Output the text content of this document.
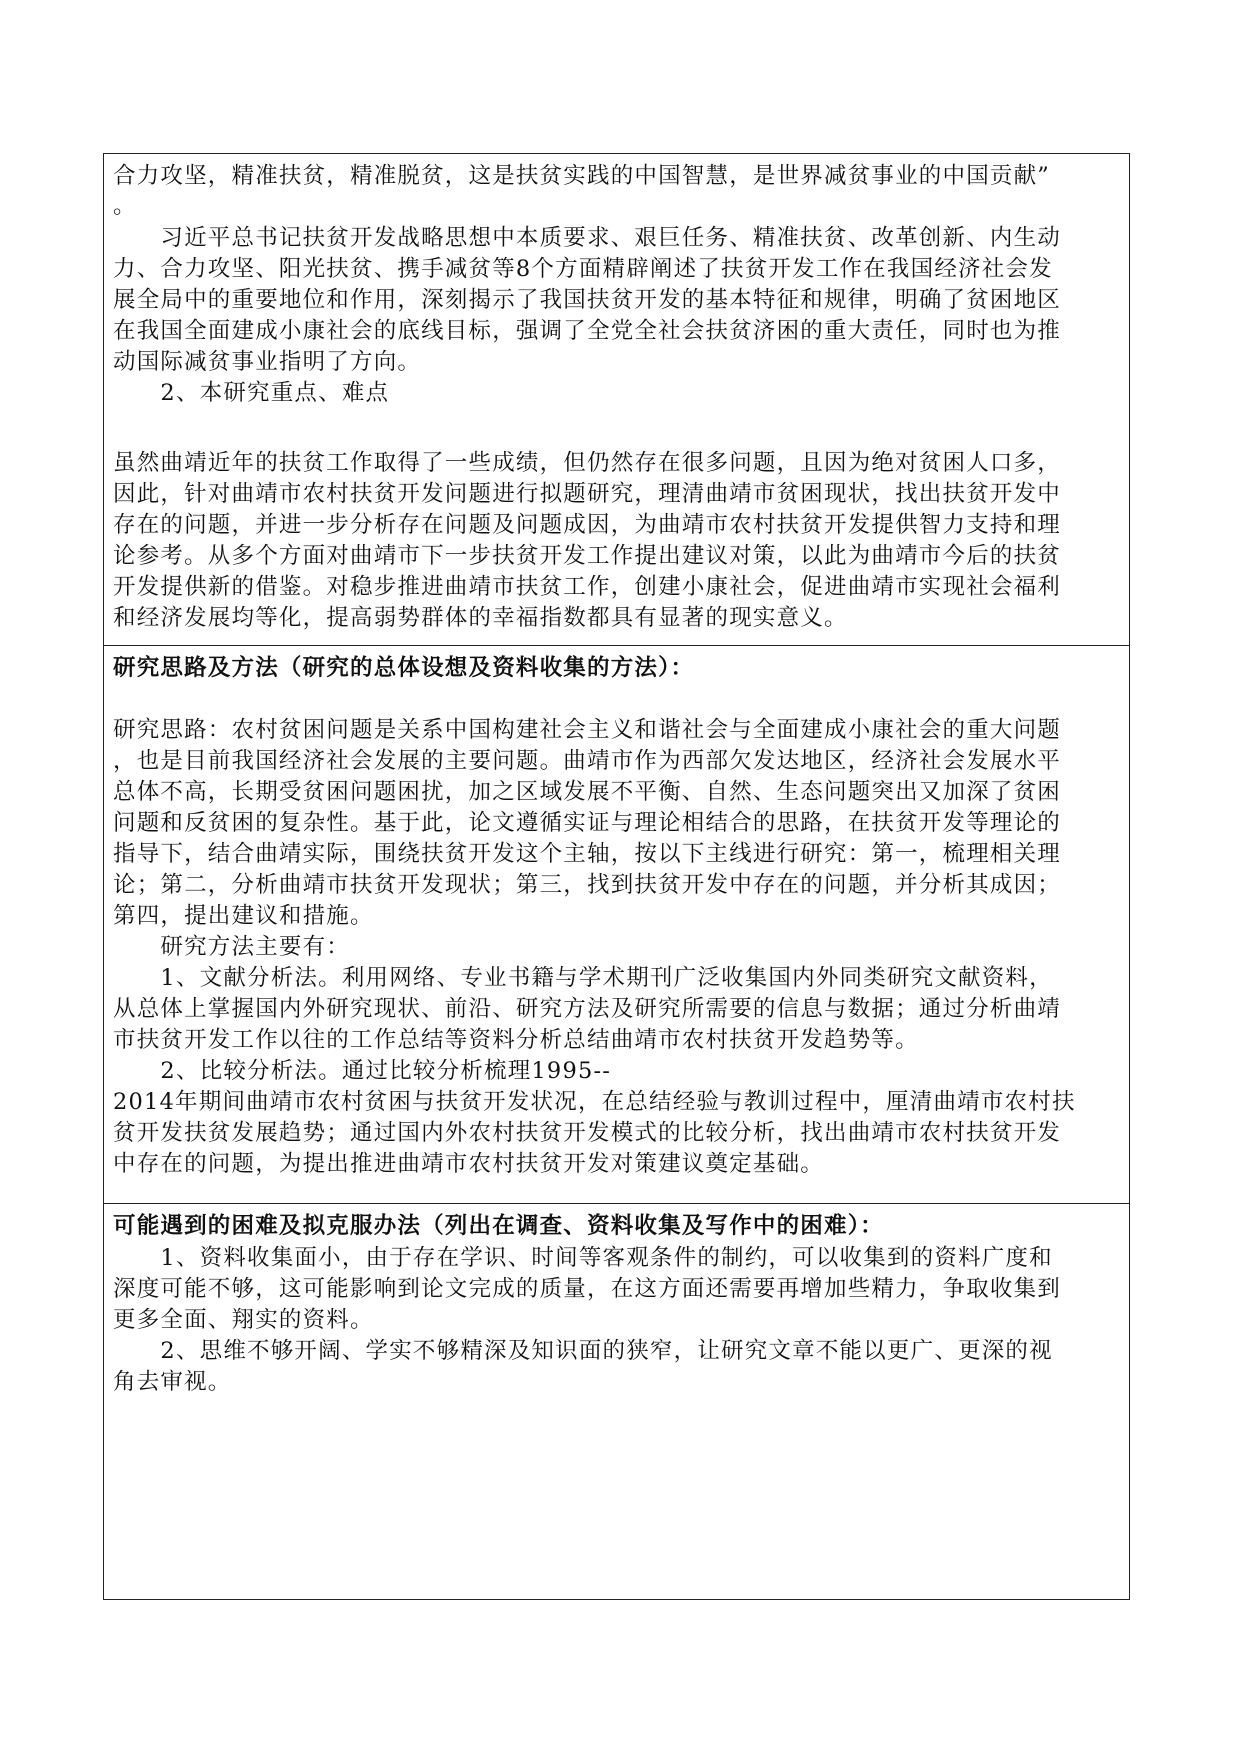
合力攻坚，精准扶贫，精准脱贫，这是扶贫实践的中国智慧，是世界减贫事业的中国贡献”
。
　　习近平总书记扶贫开发战略思想中本质要求、艰巨任务、精准扶贫、改革创新、内生动
力、合力攻坚、阳光扶贫、携手减贫等8个方面精辟阐述了扶贫开发工作在我国经济社会发
展全局中的重要地位和作用，深刻揭示了我国扶贫开发的基本特征和规律，明确了贫困地区
在我国全面建成小康社会的底线目标，强调了全党全社会扶贫济困的重大责任，同时也为推
动国际减贫事业指明了方向。
　　2、本研究重点、难点
虽然曲靖近年的扶贫工作取得了一些成绩，但仍然存在很多问题，且因为绝对贫困人口多，
因此，针对曲靖市农村扶贫开发问题进行拟题研究，理清曲靖市贫困现状，找出扶贫开发中
存在的问题，并进一步分析存在问题及问题成因，为曲靖市农村扶贫开发提供智力支持和理
论参考。从多个方面对曲靖市下一步扶贫开发工作提出建议对策，以此为曲靖市今后的扶贫
开发提供新的借鉴。对稳步推进曲靖市扶贫工作，创建小康社会，促进曲靖市实现社会福利
和经济发展均等化，提高弱势群体的幸福指数都具有显著的现实意义。
研究思路及方法（研究的总体设想及资料收集的方法）：
研究思路：农村贫困问题是关系中国构建社会主义和谐社会与全面建成小康社会的重大问题
，也是目前我国经济社会发展的主要问题。曲靖市作为西部欠发达地区，经济社会发展水平
总体不高，长期受贫困问题困扰，加之区域发展不平衡、自然、生态问题突出又加深了贫困
问题和反贫困的复杂性。基于此，论文遵循实证与理论相结合的思路，在扶贫开发等理论的
指导下，结合曲靖实际，围绕扶贫开发这个主轴，按以下主线进行研究：第一，梳理相关理
论；第二，分析曲靖市扶贫开发现状；第三，找到扶贫开发中存在的问题，并分析其成因；
第四，提出建议和措施。
　　研究方法主要有：
　　1、文献分析法。利用网络、专业书籍与学术期刊广泛收集国内外同类研究文献资料，
从总体上掌握国内外研究现状、前沿、研究方法及研究所需要的信息与数据；通过分析曲靖
市扶贫开发工作以往的工作总结等资料分析总结曲靖市农村扶贫开发趋势等。
　　2、比较分析法。通过比较分析梳理1995--
2014年期间曲靖市农村贫困与扶贫开发状况，在总结经验与教训过程中，厘清曲靖市农村扶
贫开发扶贫发展趋势；通过国内外农村扶贫开发模式的比较分析，找出曲靖市农村扶贫开发
中存在的问题，为提出推进曲靖市农村扶贫开发对策建议奠定基础。
可能遇到的困难及拟克服办法（列出在调查、资料收集及写作中的困难）：
　　1、资料收集面小，由于存在学识、时间等客观条件的制约，可以收集到的资料广度和
深度可能不够，这可能影响到论文完成的质量，在这方面还需要再增加些精力，争取收集到
更多全面、翔实的资料。
　　2、思维不够开阔、学实不够精深及知识面的狭窄，让研究文章不能以更广、更深的视
角去审视。
